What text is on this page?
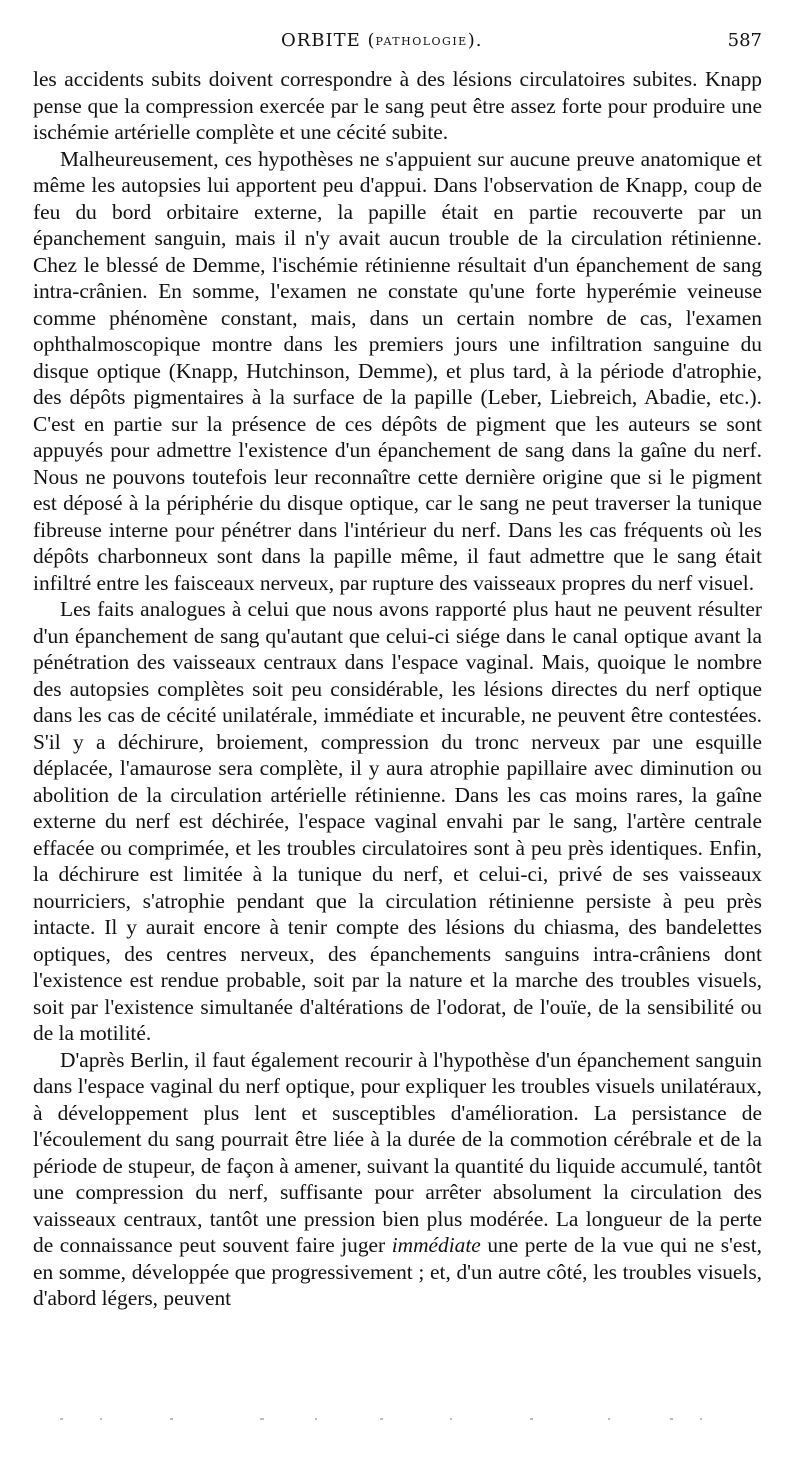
ORBITE (PATHOLOGIE).	587

les accidents subits doivent correspondre à des lésions circulatoires subites. Knapp pense que la compression exercée par le sang peut être assez forte pour produire une ischémie artérielle complète et une cécité subite.

Malheureusement, ces hypothèses ne s'appuient sur aucune preuve anatomique et même les autopsies lui apportent peu d'appui. Dans l'observation de Knapp, coup de feu du bord orbitaire externe, la papille était en partie recouverte par un épanchement sanguin, mais il n'y avait aucun trouble de la circulation rétinienne. Chez le blessé de Demme, l'ischémie rétinienne résultait d'un épanchement de sang intra-crânien. En somme, l'examen ne constate qu'une forte hyperémie veineuse comme phénomène constant, mais, dans un certain nombre de cas, l'examen ophthalmoscopique montre dans les premiers jours une infiltration sanguine du disque optique (Knapp, Hutchinson, Demme), et plus tard, à la période d'atrophie, des dépôts pigmentaires à la surface de la papille (Leber, Liebreich, Abadie, etc.). C'est en partie sur la présence de ces dépôts de pigment que les auteurs se sont appuyés pour admettre l'existence d'un épanchement de sang dans la gaîne du nerf. Nous ne pouvons toutefois leur reconnaître cette dernière origine que si le pigment est déposé à la périphérie du disque optique, car le sang ne peut traverser la tunique fibreuse interne pour pénétrer dans l'intérieur du nerf. Dans les cas fréquents où les dépôts charbonneux sont dans la papille même, il faut admettre que le sang était infiltré entre les faisceaux nerveux, par rupture des vaisseaux propres du nerf visuel.

Les faits analogues à celui que nous avons rapporté plus haut ne peuvent résulter d'un épanchement de sang qu'autant que celui-ci siége dans le canal optique avant la pénétration des vaisseaux centraux dans l'espace vaginal. Mais, quoique le nombre des autopsies complètes soit peu considérable, les lésions directes du nerf optique dans les cas de cécité unilatérale, immédiate et incurable, ne peuvent être contestées. S'il y a déchirure, broiement, compression du tronc nerveux par une esquille déplacée, l'amaurose sera complète, il y aura atrophie papillaire avec diminution ou abolition de la circulation artérielle rétinienne. Dans les cas moins rares, la gaîne externe du nerf est déchirée, l'espace vaginal envahi par le sang, l'artère centrale effacée ou comprimée, et les troubles circulatoires sont à peu près identiques. Enfin, la déchirure est limitée à la tunique du nerf, et celui-ci, privé de ses vaisseaux nourriciers, s'atrophie pendant que la circulation rétinienne persiste à peu près intacte. Il y aurait encore à tenir compte des lésions du chiasma, des bandelettes optiques, des centres nerveux, des épanchements sanguins intra-crâniens dont l'existence est rendue probable, soit par la nature et la marche des troubles visuels, soit par l'existence simultanée d'altérations de l'odorat, de l'ouïe, de la sensibilité ou de la motilité.

D'après Berlin, il faut également recourir à l'hypothèse d'un épanchement sanguin dans l'espace vaginal du nerf optique, pour expliquer les troubles visuels unilatéraux, à développement plus lent et susceptibles d'amélioration. La persistance de l'écoulement du sang pourrait être liée à la durée de la commotion cérébrale et de la période de stupeur, de façon à amener, suivant la quantité du liquide accumulé, tantôt une compression du nerf, suffisante pour arrêter absolument la circulation des vaisseaux centraux, tantôt une pression bien plus modérée. La longueur de la perte de connaissance peut souvent faire juger immédiate une perte de la vue qui ne s'est, en somme, développée que progressivement ; et, d'un autre côté, les troubles visuels, d'abord légers, peuvent
